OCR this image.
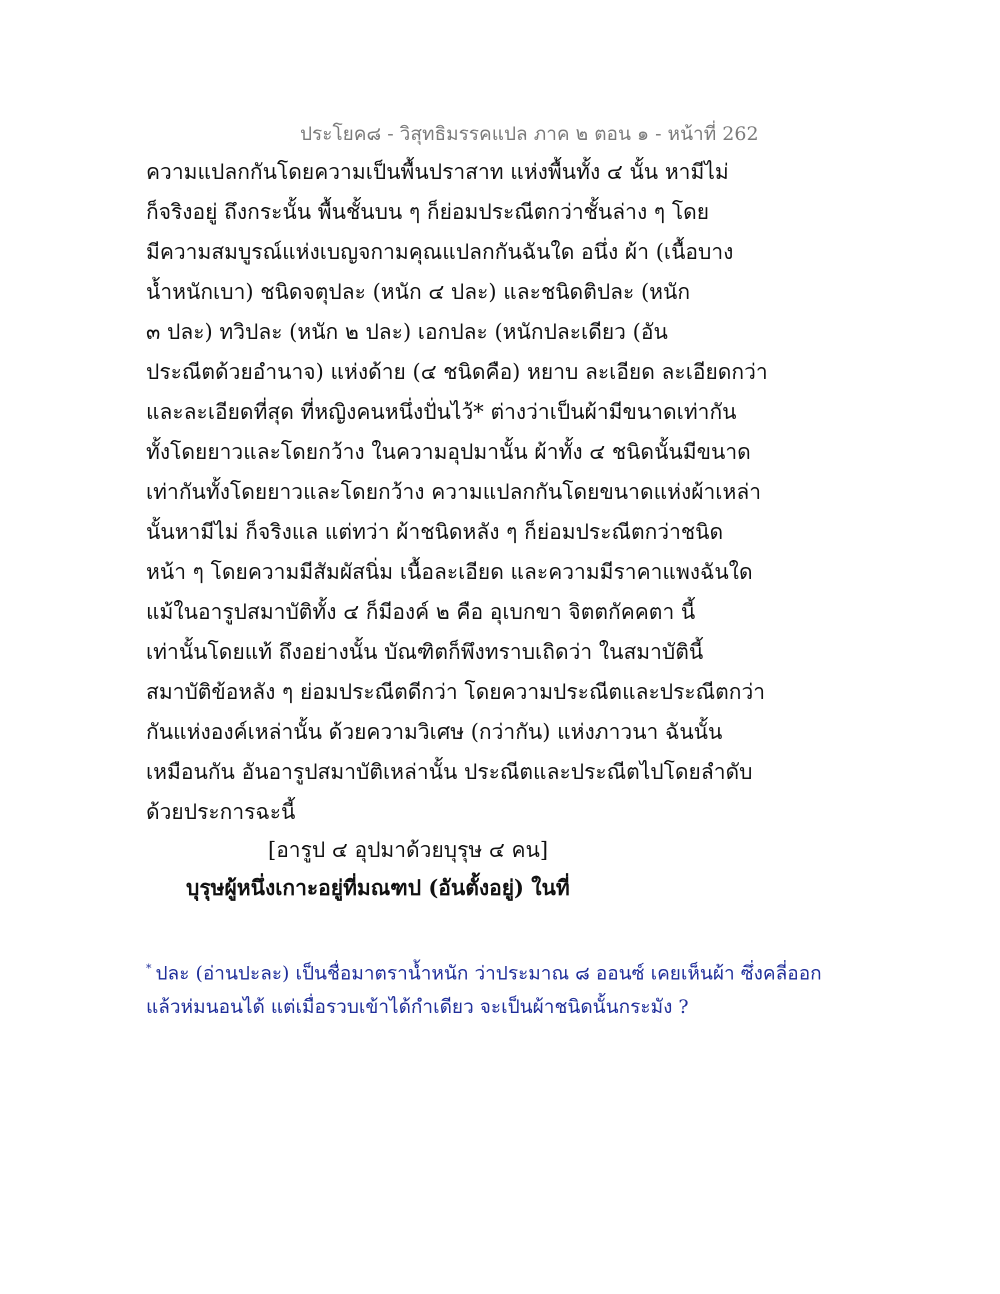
ประโยค๘ - วิสุทธิมรรคแปล ภาค ๒ ตอน ๑ - หน้าที่ 262
ความแปลกกันโดยความเป็นพื้นปราสาท แห่งพื้นทั้ง ๔ นั้น หามีไม่
ก็จริงอยู่ ถึงกระนั้น พื้นชั้นบน ๆ ก็ย่อมประณีตกว่าชั้นล่าง ๆ โดย
มีความสมบูรณ์แห่งเบญจกามคุณแปลกกันฉันใด อนึ่ง ผ้า (เนื้อบาง
น้ำหนักเบา) ชนิดจตุปละ (หนัก ๔ ปละ) และชนิดติปละ (หนัก
๓ ปละ) ทวิปละ (หนัก ๒ ปละ) เอกปละ (หนักปละเดียว (อัน
ประณีตด้วยอำนาจ) แห่งด้าย (๔ ชนิดคือ) หยาบ ละเอียด ละเอียดกว่า
และละเอียดที่สุด ที่หญิงคนหนึ่งปั่นไว้* ต่างว่าเป็นผ้ามีขนาดเท่ากัน
ทั้งโดยยาวและโดยกว้าง ในความอุปมานั้น ผ้าทั้ง ๔ ชนิดนั้นมีขนาด
เท่ากันทั้งโดยยาวและโดยกว้าง ความแปลกกันโดยขนาดแห่งผ้าเหล่า
นั้นหามีไม่ ก็จริงแล แต่ทว่า ผ้าชนิดหลัง ๆ ก็ย่อมประณีตกว่าชนิด
หน้า ๆ โดยความมีสัมผัสนิ่ม เนื้อละเอียด และความมีราคาแพงฉันใด
แม้ในอารูปสมาบัติทั้ง ๔ ก็มีองค์ ๒ คือ อุเบกขา จิตตกัคคตา นี้
เท่านั้นโดยแท้ ถึงอย่างนั้น บัณฑิตก็พึงทราบเถิดว่า ในสมาบัตินี้
สมาบัติข้อหลัง ๆ ย่อมประณีตดีกว่า โดยความประณีตและประณีตกว่า
กันแห่งองค์เหล่านั้น ด้วยความวิเศษ (กว่ากัน) แห่งภาวนา ฉันนั้น
เหมือนกัน อันอารูปสมาบัติเหล่านั้น ประณีตและประณีตไปโดยลำดับ
ด้วยประการฉะนี้
[อารูป ๔ อุปมาด้วยบุรุษ ๔ คน]
บุรุษผู้หนึ่งเกาะอยู่ที่มณฑป (อันตั้งอยู่) ในที่
* ปละ (อ่านปะละ) เป็นชื่อมาตราน้ำหนัก ว่าประมาณ ๘ ออนซ์ เคยเห็นผ้า ซึ่งคลี่ออก
แล้วห่มนอนได้ แต่เมื่อรวบเข้าได้กำเดียว จะเป็นผ้าชนิดนั้นกระมัง ?
